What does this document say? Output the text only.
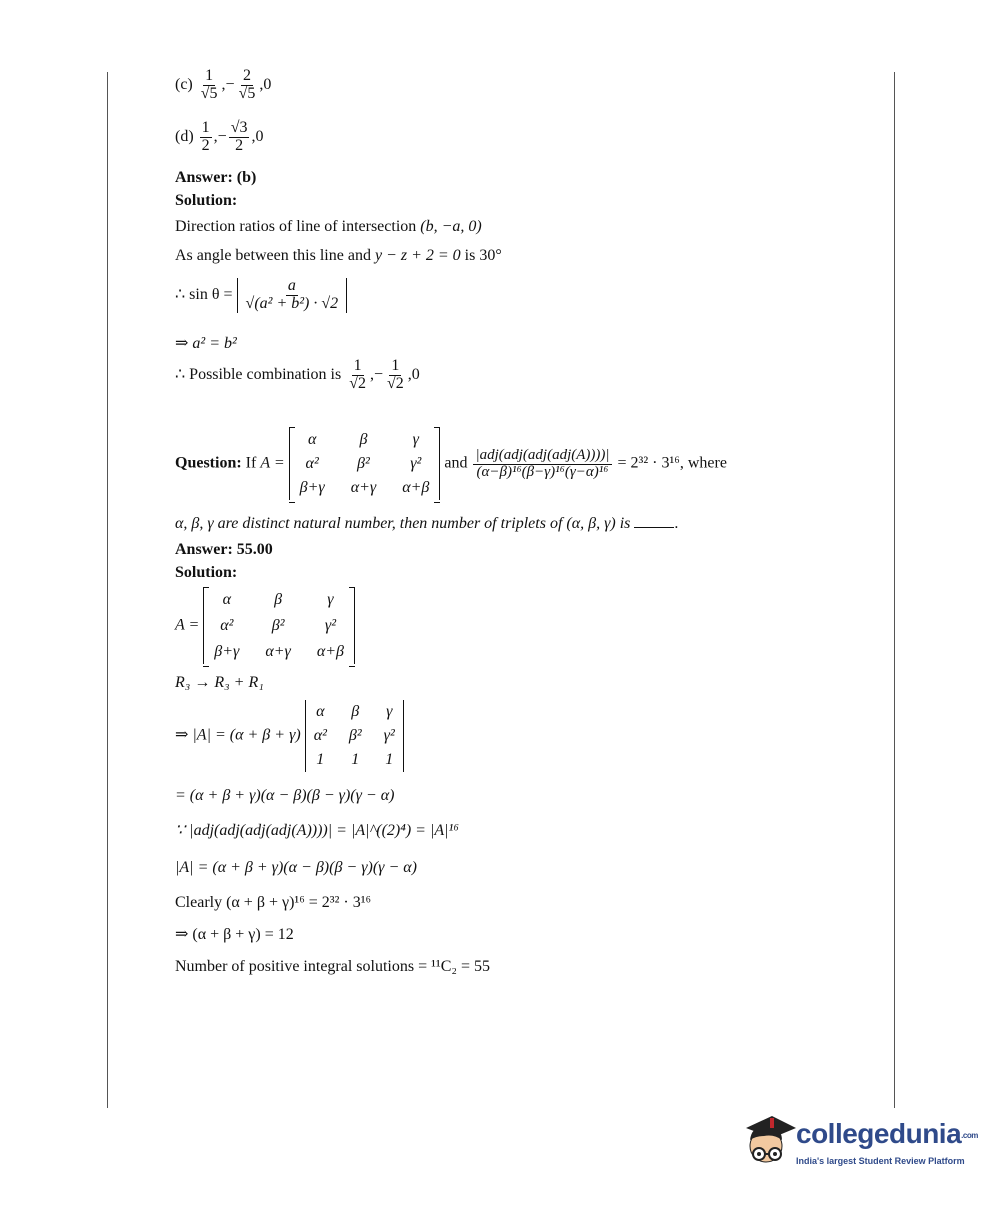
$(c) \frac{1}{√5}$ ,− $\frac{2}{√5} ,0$
$(d) \frac{1}{2}$ ,− $\frac{√3}{2} ,0$
Answer: (b)
Solution:
Direction ratios of line of intersection (b, −a, 0)
As angle between this line and y − z + 2 = 0 is 30°
∴ $\sin \theta = \frac{a}{\text{√(a² + b²) · √2}}$
⇒ a² = b²
∴ Possible combination is $\frac{1}{√2}$ ,− $\frac{1}{√2} ,0$
Question: If A =
α	β	γ
α²	β²	γ²
β+γ α+γ α+β
and $\frac{\text{|adj(adj(adj(adj(A))))|}}{\text{(α−β)¹⁶(β−γ)¹⁶(γ−α)¹⁶}} = 2^{32} \cdot 3^{16}$, where
α, β, γ are distinct natural number, then number of triplets of (α, β, γ) is	.
Answer: 55.00
Solution:
A =
α	β	γ
α²	β²	γ²
β+γ α+γ α+β
R₃ → R₃ + R₁
⇒ |A| = (α + β + γ)
α β γ
α² β² γ²
1 1 1
= (α + β + γ)(α − β)(β − γ)(γ − α)
∵ |adj(adj(adj(adj(A))))| = |A|^((2)⁴) = |A|¹⁶
|A| = (α + β + γ)(α − β)(β − γ)(γ − α)
Clearly (α + β + γ)¹⁶ = 2³² · 3¹⁶
⇒ (α + β + γ) = 12
Number of positive integral solutions = ¹¹C₂ = 55
collegedunia.com
India's largest Student Review Platform
